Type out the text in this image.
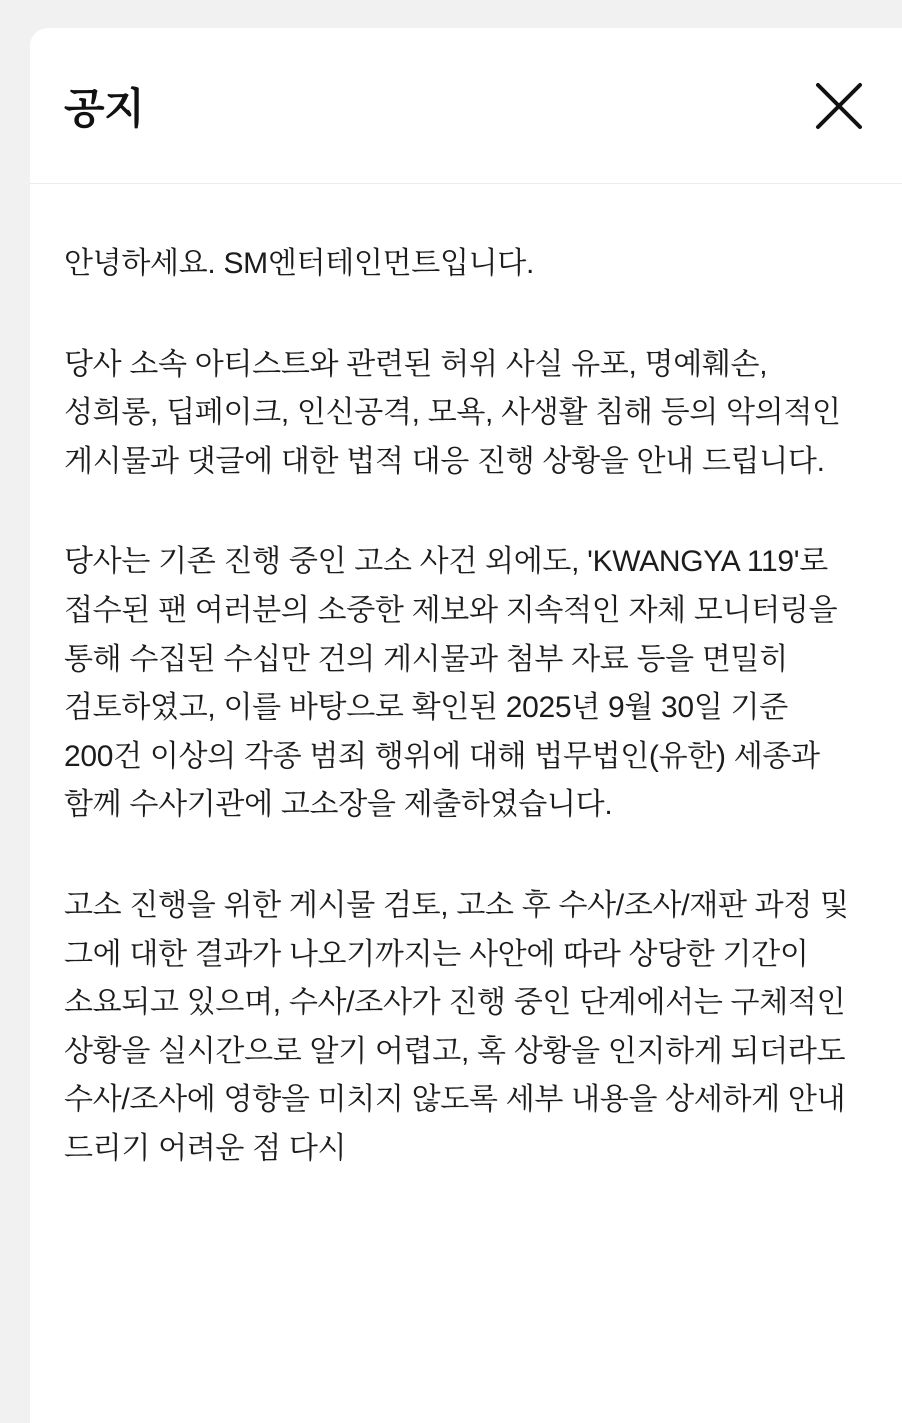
공지

안녕하세요. SM엔터테인먼트입니다.

당사 소속 아티스트와 관련된 허위 사실 유포, 명예훼손, 성희롱, 딥페이크, 인신공격, 모욕, 사생활 침해 등의 악의적인 게시물과 댓글에 대한 법적 대응 진행 상황을 안내 드립니다.

당사는 기존 진행 중인 고소 사건 외에도, 'KWANGYA 119'로 접수된 팬 여러분의 소중한 제보와 지속적인 자체 모니터링을 통해 수집된 수십만 건의 게시물과 첨부 자료 등을 면밀히 검토하였고, 이를 바탕으로 확인된 2025년 9월 30일 기준 200건 이상의 각종 범죄 행위에 대해 법무법인(유한) 세종과 함께 수사기관에 고소장을 제출하였습니다.

고소 진행을 위한 게시물 검토, 고소 후 수사/조사/재판 과정 및 그에 대한 결과가 나오기까지는 사안에 따라 상당한 기간이 소요되고 있으며, 수사/조사가 진행 중인 단계에서는 구체적인 상황을 실시간으로 알기 어렵고, 혹 상황을 인지하게 되더라도 수사/조사에 영향을 미치지 않도록 세부 내용을 상세하게 안내 드리기 어려운 점 다시
